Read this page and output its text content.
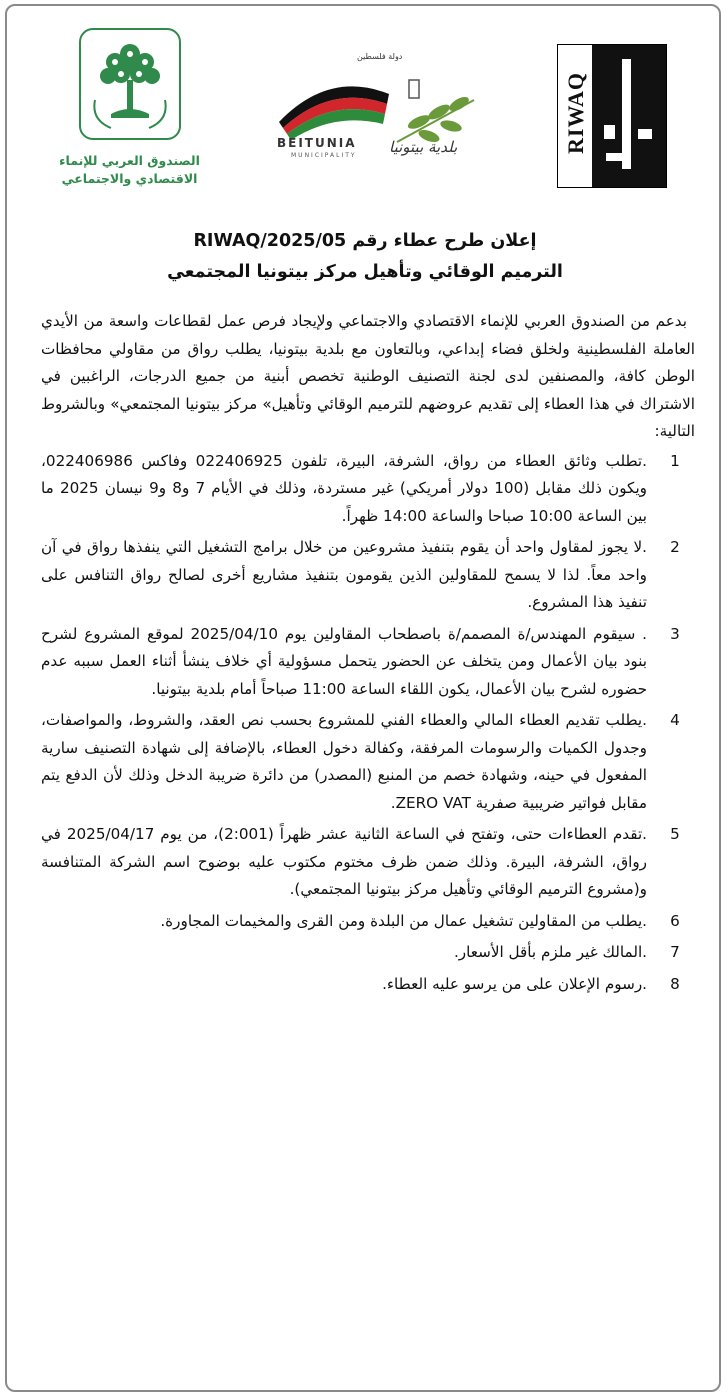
الصندوق العربي للإنماء
الاقتصادي والاجتماعي
دولة فلسطين
BEITUNIA
MUNICIPALITY بلدية بيتونيا	RIWAQ
إعلان طرح عطاء رقم RIWAQ/2025/05
الترميم الوقائي وتأهيل مركز بيتونيا المجتمعي

بدعم من الصندوق العربي للإنماء الاقتصادي والاجتماعي ولإيجاد فرص عمل لقطاعات واسعة من الأيدي العاملة الفلسطينية ولخلق فضاء إبداعي، وبالتعاون مع بلدية بيتونيا، يطلب رواق من مقاولي محافظات الوطن كافة، والمصنفين لدى لجنة التصنيف الوطنية تخصص أبنية من جميع الدرجات، الراغبين في الاشتراك في هذا العطاء إلى تقديم عروضهم للترميم الوقائي وتأهيل» مركز بيتونيا المجتمعي» وبالشروط التالية:

1
.تطلب وثائق العطاء من رواق، الشرفة، البيرة، تلفون 022406925 وفاكس 022406986، ويكون ذلك مقابل (100 دولار أمريكي) غير مستردة، وذلك في الأيام 7 و8 و9 نيسان 2025 ما بين الساعة 10:00 صباحا والساعة 14:00 ظهراً.
2
.لا يجوز لمقاول واحد أن يقوم بتنفيذ مشروعين من خلال برامج التشغيل التي ينفذها رواق في آن واحد معاً. لذا لا يسمح للمقاولين الذين يقومون بتنفيذ مشاريع أخرى لصالح رواق التنافس على تنفيذ هذا المشروع.
3
. سيقوم المهندس/ة المصمم/ة باصطحاب المقاولين يوم 2025/04/10 لموقع المشروع لشرح بنود بيان الأعمال ومن يتخلف عن الحضور يتحمل مسؤولية أي خلاف ينشأ أثناء العمل سببه عدم حضوره لشرح بيان الأعمال، يكون اللقاء الساعة 11:00 صباحاً أمام بلدية بيتونيا.
4
.يطلب تقديم العطاء المالي والعطاء الفني للمشروع بحسب نص العقد، والشروط، والمواصفات، وجدول الكميات والرسومات المرفقة، وكفالة دخول العطاء، بالإضافة إلى شهادة التصنيف سارية المفعول في حينه، وشهادة خصم من المنبع (المصدر) من دائرة ضريبة الدخل وذلك لأن الدفع يتم مقابل فواتير ضريبية صفرية ZERO VAT.
5
.تقدم العطاءات حتى، وتفتح في الساعة الثانية عشر ظهراً (2:001)، من يوم 2025/04/17 في رواق، الشرفة، البيرة. وذلك ضمن ظرف مختوم مكتوب عليه بوضوح اسم الشركة المتنافسة و(مشروع الترميم الوقائي وتأهيل مركز بيتونيا المجتمعي).
6
.يطلب من المقاولين تشغيل عمال من البلدة ومن القرى والمخيمات المجاورة.
7
.المالك غير ملزم بأقل الأسعار.
8
.رسوم الإعلان على من يرسو عليه العطاء.
